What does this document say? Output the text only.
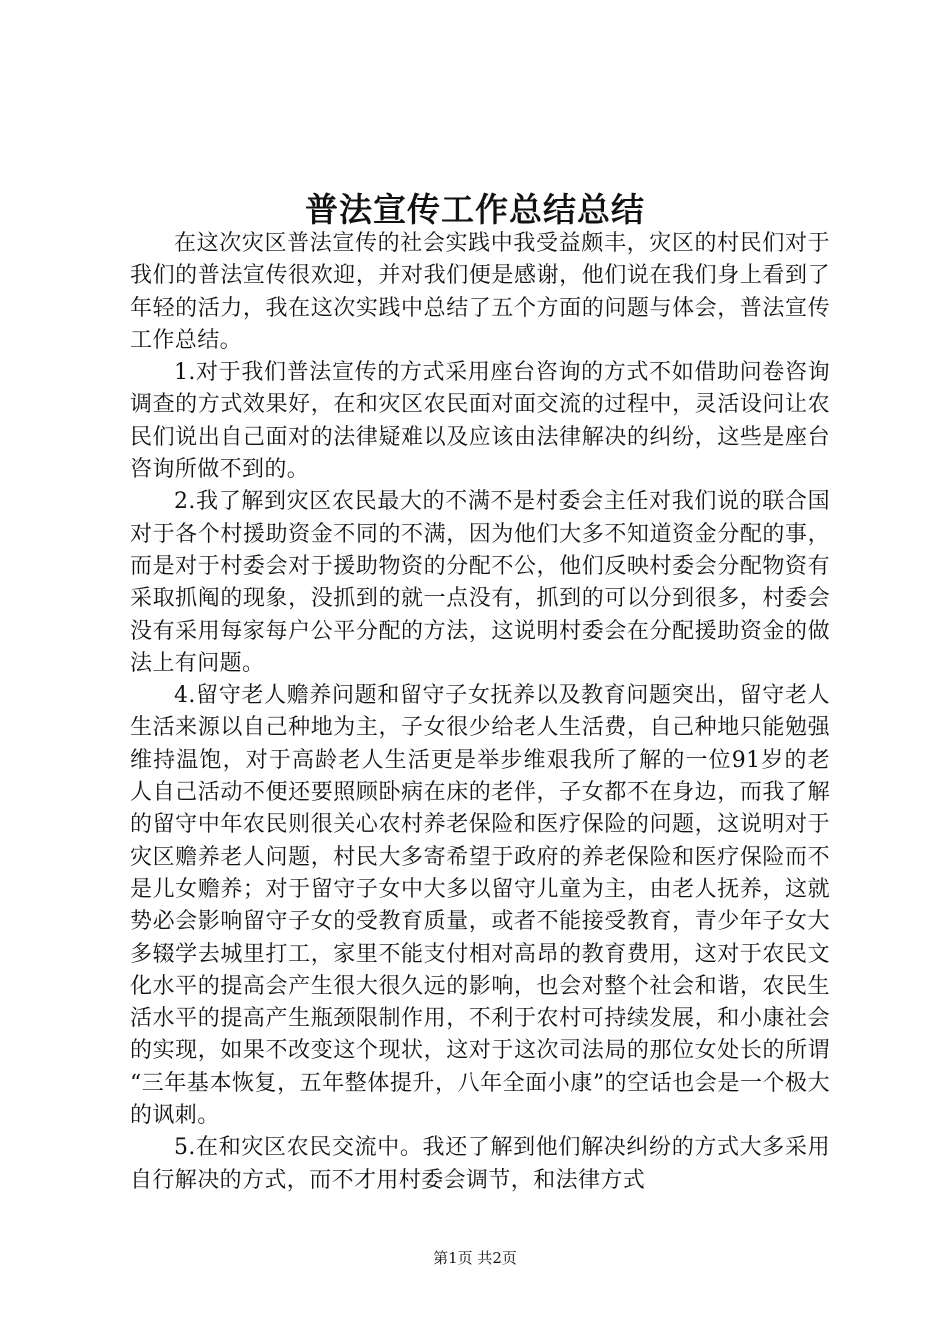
普法宣传工作总结总结

在这次灾区普法宣传的社会实践中我受益颇丰，灾区的村民们对于我们的普法宣传很欢迎，并对我们便是感谢，他们说在我们身上看到了年轻的活力，我在这次实践中总结了五个方面的问题与体会，普法宣传工作总结。

1.对于我们普法宣传的方式采用座台咨询的方式不如借助问卷咨询调查的方式效果好，在和灾区农民面对面交流的过程中，灵活设问让农民们说出自己面对的法律疑难以及应该由法律解决的纠纷，这些是座台咨询所做不到的。

2.我了解到灾区农民最大的不满不是村委会主任对我们说的联合国对于各个村援助资金不同的不满，因为他们大多不知道资金分配的事，而是对于村委会对于援助物资的分配不公，他们反映村委会分配物资有采取抓阄的现象，没抓到的就一点没有，抓到的可以分到很多，村委会没有采用每家每户公平分配的方法，这说明村委会在分配援助资金的做法上有问题。

4.留守老人赡养问题和留守子女抚养以及教育问题突出，留守老人生活来源以自己种地为主，子女很少给老人生活费，自己种地只能勉强维持温饱，对于高龄老人生活更是举步维艰我所了解的一位91岁的老人自己活动不便还要照顾卧病在床的老伴，子女都不在身边，而我了解的留守中年农民则很关心农村养老保险和医疗保险的问题，这说明对于灾区赡养老人问题，村民大多寄希望于政府的养老保险和医疗保险而不是儿女赡养；对于留守子女中大多以留守儿童为主，由老人抚养，这就势必会影响留守子女的受教育质量，或者不能接受教育，青少年子女大多辍学去城里打工，家里不能支付相对高昂的教育费用，这对于农民文化水平的提高会产生很大很久远的影响，也会对整个社会和谐，农民生活水平的提高产生瓶颈限制作用，不利于农村可持续发展，和小康社会的实现，如果不改变这个现状，这对于这次司法局的那位女处长的所谓“三年基本恢复，五年整体提升，八年全面小康”的空话也会是一个极大的讽刺。

5.在和灾区农民交流中。我还了解到他们解决纠纷的方式大多采用自行解决的方式，而不才用村委会调节，和法律方式

第1页 共2页
